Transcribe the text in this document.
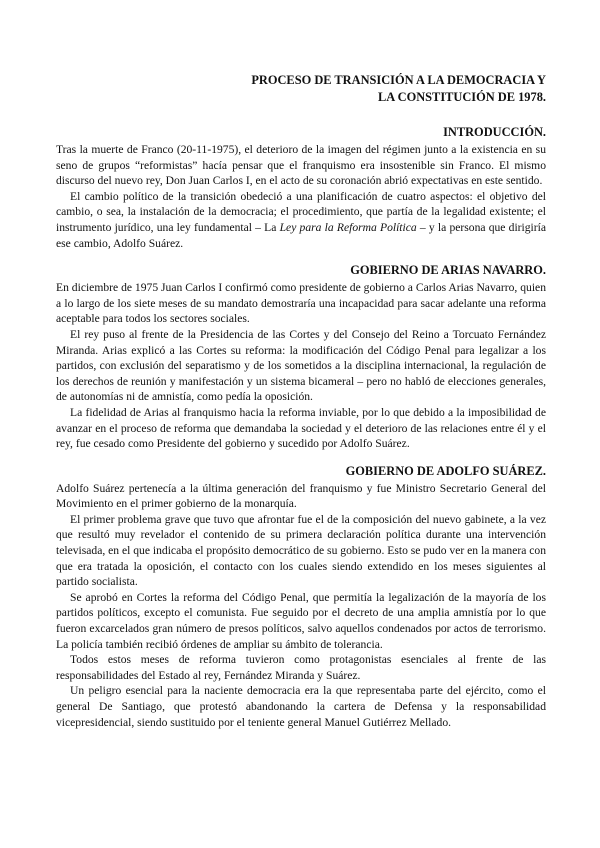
PROCESO DE TRANSICIÓN A LA DEMOCRACIA Y
LA CONSTITUCIÓN DE 1978.
INTRODUCCIÓN.

Tras la muerte de Franco (20-11-1975), el deterioro de la imagen del régimen junto a la existencia en su seno de grupos “reformistas” hacía pensar que el franquismo era insostenible sin Franco. El mismo discurso del nuevo rey, Don Juan Carlos I, en el acto de su coronación abrió expectativas en este sentido.

El cambio político de la transición obedeció a una planificación de cuatro aspectos: el objetivo del cambio, o sea, la instalación de la democracia; el procedimiento, que partía de la legalidad existente; el instrumento jurídico, una ley fundamental – La Ley para la Reforma Política – y la persona que dirigiría ese cambio, Adolfo Suárez.

GOBIERNO DE ARIAS NAVARRO.

En diciembre de 1975 Juan Carlos I confirmó como presidente de gobierno a Carlos Arias Navarro, quien a lo largo de los siete meses de su mandato demostraría una incapacidad para sacar adelante una reforma aceptable para todos los sectores sociales.

El rey puso al frente de la Presidencia de las Cortes y del Consejo del Reino a Torcuato Fernández Miranda. Arias explicó a las Cortes su reforma: la modificación del Código Penal para legalizar a los partidos, con exclusión del separatismo y de los sometidos a la disciplina internacional, la regulación de los derechos de reunión y manifestación y un sistema bicameral – pero no habló de elecciones generales, de autonomías ni de amnistía, como pedía la oposición.

La fidelidad de Arias al franquismo hacia la reforma inviable, por lo que debido a la imposibilidad de avanzar en el proceso de reforma que demandaba la sociedad y el deterioro de las relaciones entre él y el rey, fue cesado como Presidente del gobierno y sucedido por Adolfo Suárez.

GOBIERNO DE ADOLFO SUÁREZ.

Adolfo Suárez pertenecía a la última generación del franquismo y fue Ministro Secretario General del Movimiento en el primer gobierno de la monarquía.

El primer problema grave que tuvo que afrontar fue el de la composición del nuevo gabinete, a la vez que resultó muy revelador el contenido de su primera declaración política durante una intervención televisada, en el que indicaba el propósito democrático de su gobierno. Esto se pudo ver en la manera con que era tratada la oposición, el contacto con los cuales siendo extendido en los meses siguientes al partido socialista.

Se aprobó en Cortes la reforma del Código Penal, que permitía la legalización de la mayoría de los partidos políticos, excepto el comunista. Fue seguido por el decreto de una amplia amnistía por lo que fueron excarcelados gran número de presos políticos, salvo aquellos condenados por actos de terrorismo. La policía también recibió órdenes de ampliar su ámbito de tolerancia.

Todos estos meses de reforma tuvieron como protagonistas esenciales al frente de las responsabilidades del Estado al rey, Fernández Miranda y Suárez.

Un peligro esencial para la naciente democracia era la que representaba parte del ejército, como el general De Santiago, que protestó abandonando la cartera de Defensa y la responsabilidad vicepresidencial, siendo sustituido por el teniente general Manuel Gutiérrez Mellado.
